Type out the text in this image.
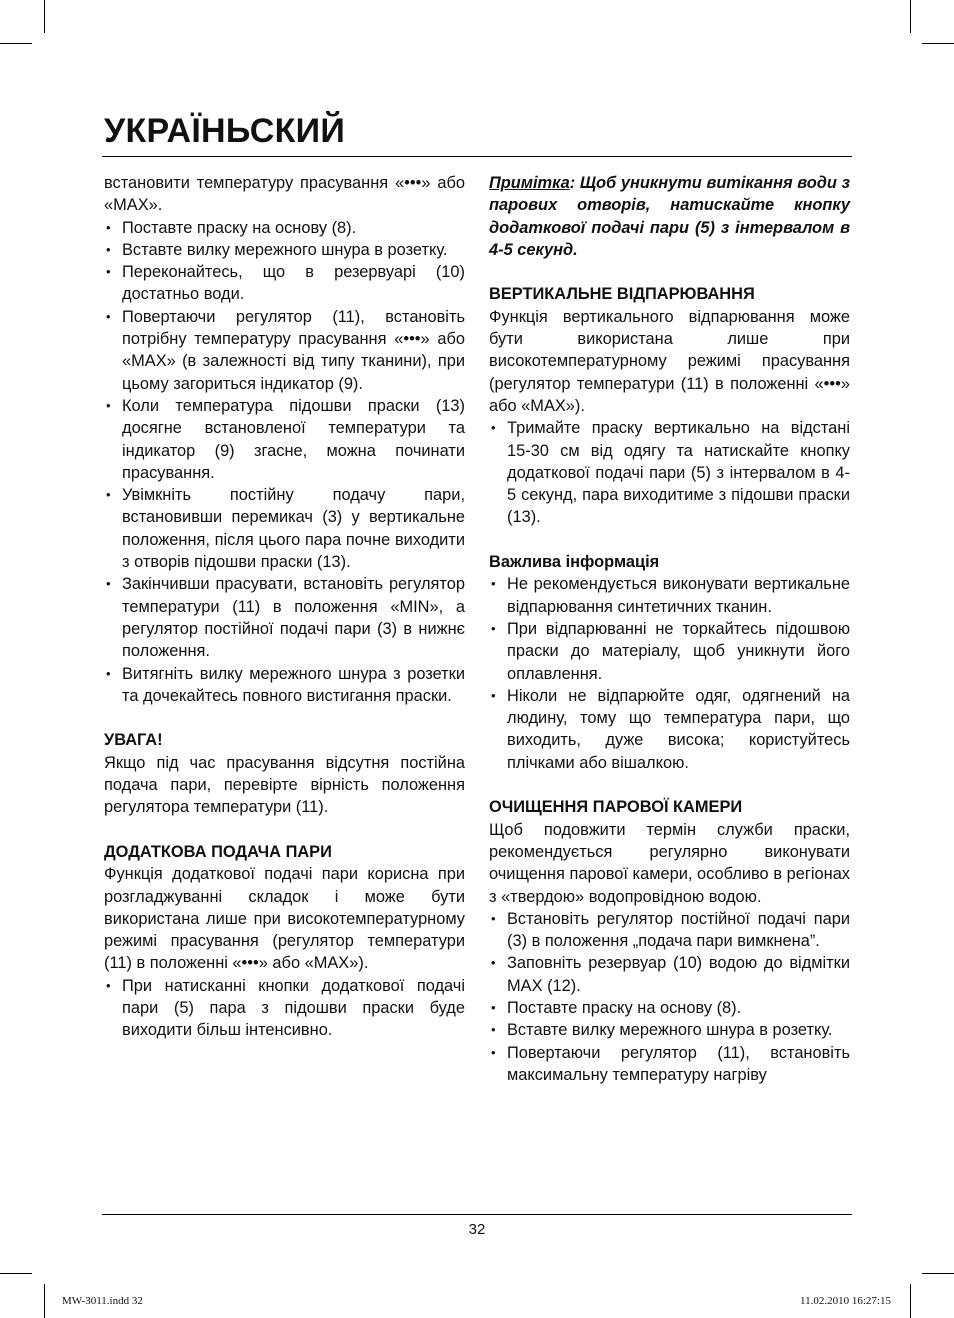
УКРАЇНЬСКИЙ

встановити температуру прасування «•••» або «MAX».

• Поставте праску на основу (8).
• Вставте вилку мережного шнура в розетку.
• Переконайтесь, що в резервуарі (10) достатньо води.
• Повертаючи регулятор (11), встановіть потрібну температуру прасування «•••» або «MAX» (в залежності від типу тканини), при цьому загориться індикатор (9).
• Коли температура підошви праски (13) досягне встановленої температури та індикатор (9) згасне, можна починати прасування.
• Увімкніть постійну подачу пари, встановивши перемикач (3) у вертикальне положення, після цього пара почне виходити з отворів підошви праски (13).
• Закінчивши прасувати, встановіть регулятор температури (11) в положення «MIN», а регулятор постійної подачі пари (3) в нижнє положення.
• Витягніть вилку мережного шнура з розетки та дочекайтесь повного вистигання праски.

УВАГА!

Якщо під час прасування відсутня постійна подача пари, перевірте вірність положення регулятора температури (11).

ДОДАТКОВА ПОДАЧА ПАРИ

Функція додаткової подачі пари корисна при розгладжуванні складок і може бути використана лише при високотемпературному режимі прасування (регулятор температури (11) в положенні «•••» або «MAX»).

• При натисканні кнопки додаткової подачі пари (5) пара з підошви праски буде виходити більш інтенсивно.

Примітка: Щоб уникнути витікання води з парових отворів, натискайте кнопку додаткової подачі пари (5) з інтервалом в 4-5 секунд.

ВЕРТИКАЛЬНЕ ВІДПАРЮВАННЯ

Функція вертикального відпарювання може бути використана лише при високотемпературному режимі прасування (регулятор температури (11) в положенні «•••» або «MAX»).

• Тримайте праску вертикально на відстані 15-30 см від одягу та натискайте кнопку додаткової подачі пари (5) з інтервалом в 4-5 секунд, пара виходитиме з підошви праски (13).

Важлива інформація

• Не рекомендується виконувати вертикальне відпарювання синтетичних тканин.
• При відпарюванні не торкайтесь підошвою праски до матеріалу, щоб уникнути його оплавлення.
• Ніколи не відпарюйте одяг, одягнений на людину, тому що температура пари, що виходить, дуже висока; користуйтесь плічками або вішалкою.

ОЧИЩЕННЯ ПАРОВОЇ КАМЕРИ

Щоб подовжити термін служби праски, рекомендується регулярно виконувати очищення парової камери, особливо в регіонах з «твердою» водопровідною водою.

• Встановіть регулятор постійної подачі пари (3) в положення „подача пари вимкнена”.
• Заповніть резервуар (10) водою до відмітки MAX (12).
• Поставте праску на основу (8).
• Вставте вилку мережного шнура в розетку.
• Повертаючи регулятор (11), встановіть максимальну температуру нагріву
32
MW-3011.indd 32	11.02.2010 16:27:15
